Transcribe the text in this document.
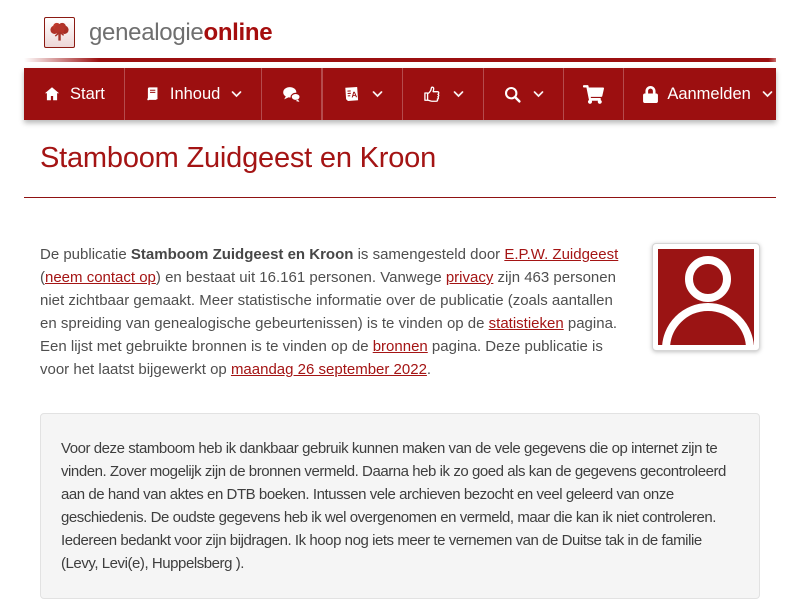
genealogieonline
Start	Inhoud	A	Aanmelden
Stamboom Zuidgeest en Kroon

De publicatie Stamboom Zuidgeest en Kroon is samengesteld door E.P.W. Zuidgeest (neem contact op) en bestaat uit 16.161 personen. Vanwege privacy zijn 463 personen niet zichtbaar gemaakt. Meer statistische informatie over de publicatie (zoals aantallen en spreiding van genealogische gebeurtenissen) is te vinden op de statistieken pagina. Een lijst met gebruikte bronnen is te vinden op de bronnen pagina. Deze publicatie is voor het laatst bijgewerkt op maandag 26 september 2022.

Voor deze stamboom heb ik dankbaar gebruik kunnen maken van de vele gegevens die op internet zijn te vinden. Zover mogelijk zijn de bronnen vermeld. Daarna heb ik zo goed als kan de gegevens gecontroleerd aan de hand van aktes en DTB boeken. Intussen vele archieven bezocht en veel geleerd van onze geschiedenis. De oudste gegevens heb ik wel overgenomen en vermeld, maar die kan ik niet controleren. Iedereen bedankt voor zijn bijdragen. Ik hoop nog iets meer te vernemen van de Duitse tak in de familie (Levy, Levi(e), Huppelsberg ).
